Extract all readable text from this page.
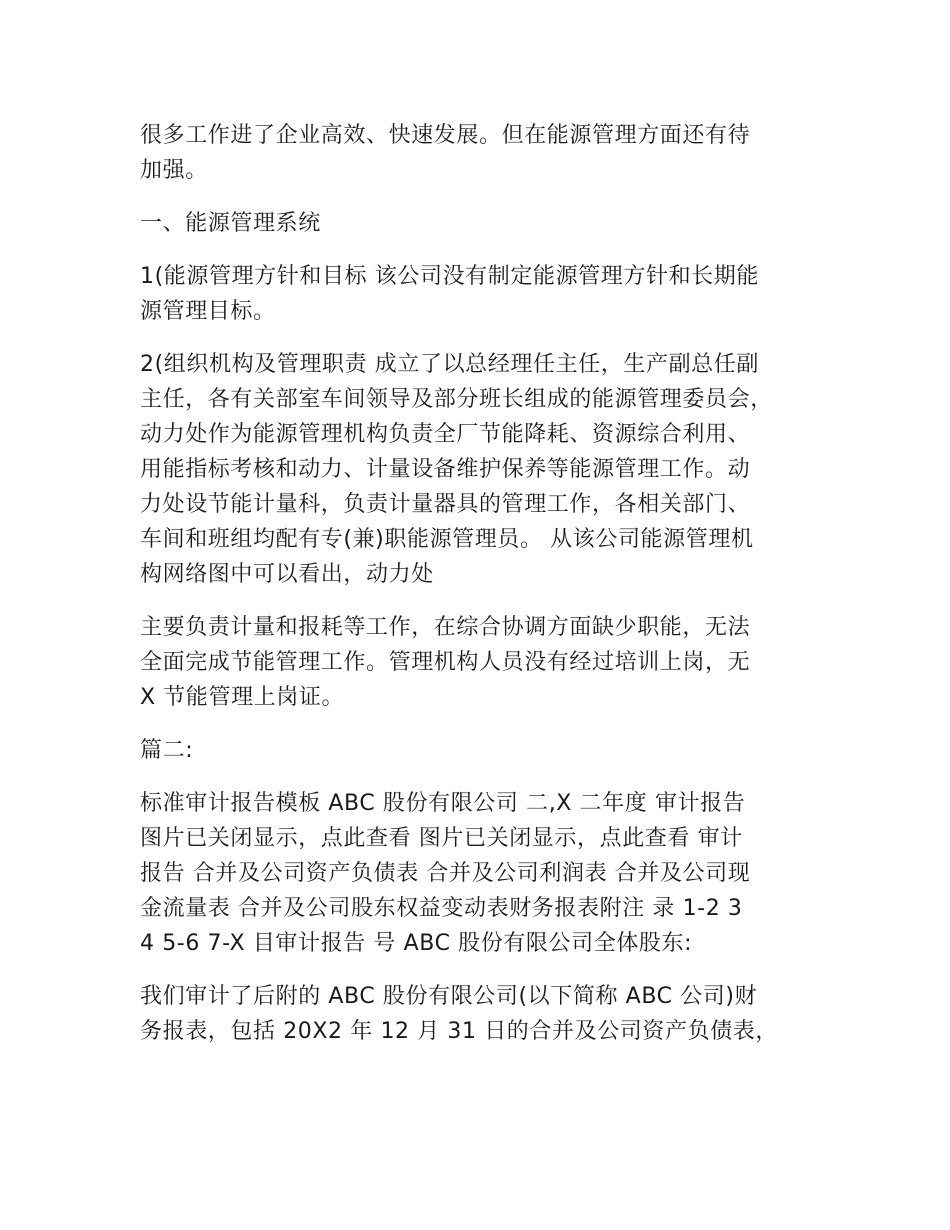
很多工作进了企业高效、快速发展。但在能源管理方面还有待
加强。

一、能源管理系统

1(能源管理方针和目标 该公司没有制定能源管理方针和长期能
源管理目标。

2(组织机构及管理职责 成立了以总经理任主任，生产副总任副
主任，各有关部室车间领导及部分班长组成的能源管理委员会，
动力处作为能源管理机构负责全厂节能降耗、资源综合利用、
用能指标考核和动力、计量设备维护保养等能源管理工作。动
力处设节能计量科，负责计量器具的管理工作，各相关部门、
车间和班组均配有专(兼)职能源管理员。 从该公司能源管理机
构网络图中可以看出，动力处

主要负责计量和报耗等工作，在综合协调方面缺少职能，无法
全面完成节能管理工作。管理机构人员没有经过培训上岗，无
X 节能管理上岗证。

篇二:

标准审计报告模板 ABC 股份有限公司 二,X 二年度 审计报告
图片已关闭显示，点此查看 图片已关闭显示，点此查看 审计
报告 合并及公司资产负债表 合并及公司利润表 合并及公司现
金流量表 合并及公司股东权益变动表财务报表附注 录 1-2 3
4 5-6 7-X 目审计报告 号 ABC 股份有限公司全体股东:

我们审计了后附的 ABC 股份有限公司(以下简称 ABC 公司)财
务报表，包括 20X2 年 12 月 31 日的合并及公司资产负债表，
